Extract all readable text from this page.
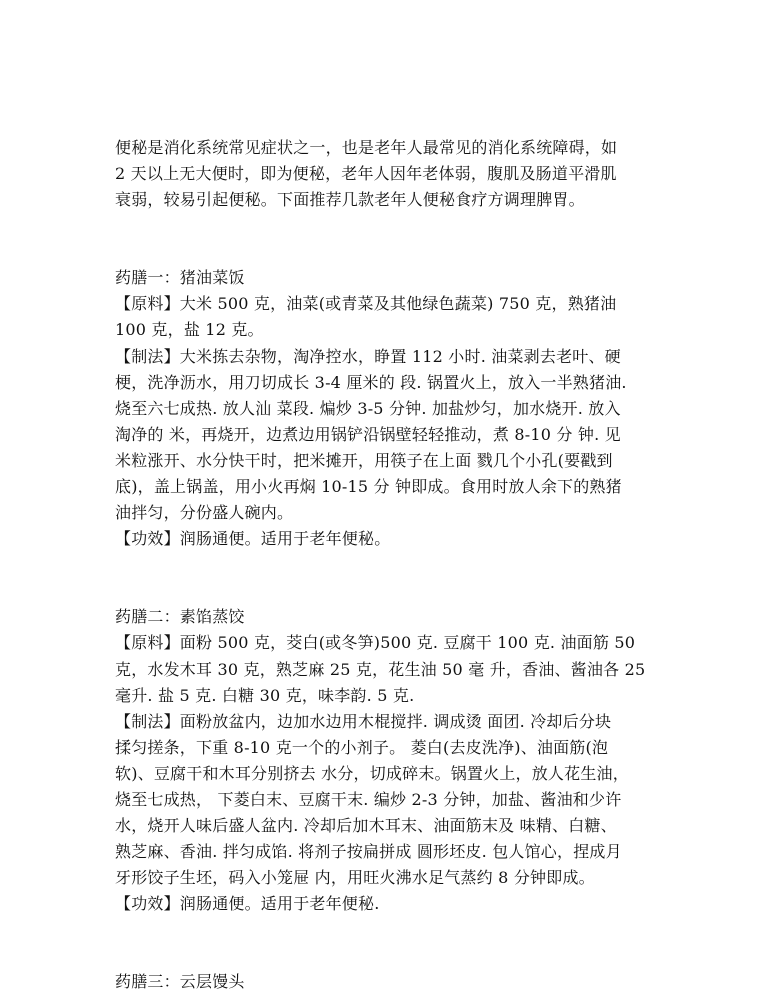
便秘是消化系统常见症状之一，也是老年人最常见的消化系统障碍，如
2 天以上无大便时，即为便秘，老年人因年老体弱，腹肌及肠道平滑肌
衰弱，较易引起便秘。下面推荐几款老年人便秘食疗方调理脾胃。
药膳一：猪油菜饭
【原料】大米 500 克，油菜(或青菜及其他绿色蔬菜) 750 克，熟猪油
100 克，盐 12 克。
【制法】大米拣去杂物，淘净控水，睁置 112 小时. 油菜剥去老叶、硬
梗，洗净沥水，用刀切成长 3-4 厘米的 段. 锅置火上，放入一半熟猪油.
烧至六七成热. 放人汕 菜段. 煸炒 3-5 分钟. 加盐炒匀，加水烧开. 放入
淘净的 米，再烧开，边煮边用锅铲沿锅壁轻轻推动，煮 8-10 分 钟. 见
米粒涨开、水分快干时，把米摊开，用筷子在上面 戮几个小孔(要戳到
底)，盖上锅盖，用小火再焖 10-15 分 钟即成。食用时放人余下的熟猪
油拌匀，分份盛人碗内。
【功效】润肠通便。适用于老年便秘。
药膳二：素馅蒸饺
【原料】面粉 500 克，茭白(或冬笋)500 克. 豆腐干 100 克. 油面筋 50
克，水发木耳 30 克，熟芝麻 25 克，花生油 50 毫 升，香油、酱油各 25
毫升. 盐 5 克. 白糖 30 克，味李韵. 5 克.
【制法】面粉放盆内，边加水边用木棍搅拌. 调成烫 面团. 冷却后分块
揉匀搓条，下重 8-10 克一个的小剂子。 菱白(去皮洗净)、油面筋(泡
软)、豆腐干和木耳分别挤去 水分，切成碎末。锅置火上，放人花生油，
烧至七成热， 下菱白末、豆腐干末. 编炒 2-3 分钟，加盐、酱油和少许
水，烧开人味后盛人盆内. 冷却后加木耳末、油面筋末及 味精、白糖、
熟芝麻、香油. 拌匀成馅. 将剂子按扁拼成 圆形坯皮. 包人馆心，捏成月
牙形饺子生坯，码入小笼屉 内，用旺火沸水足气蒸约 8 分钟即成。
【功效】润肠通便。适用于老年便秘.
药膳三：云层馒头
